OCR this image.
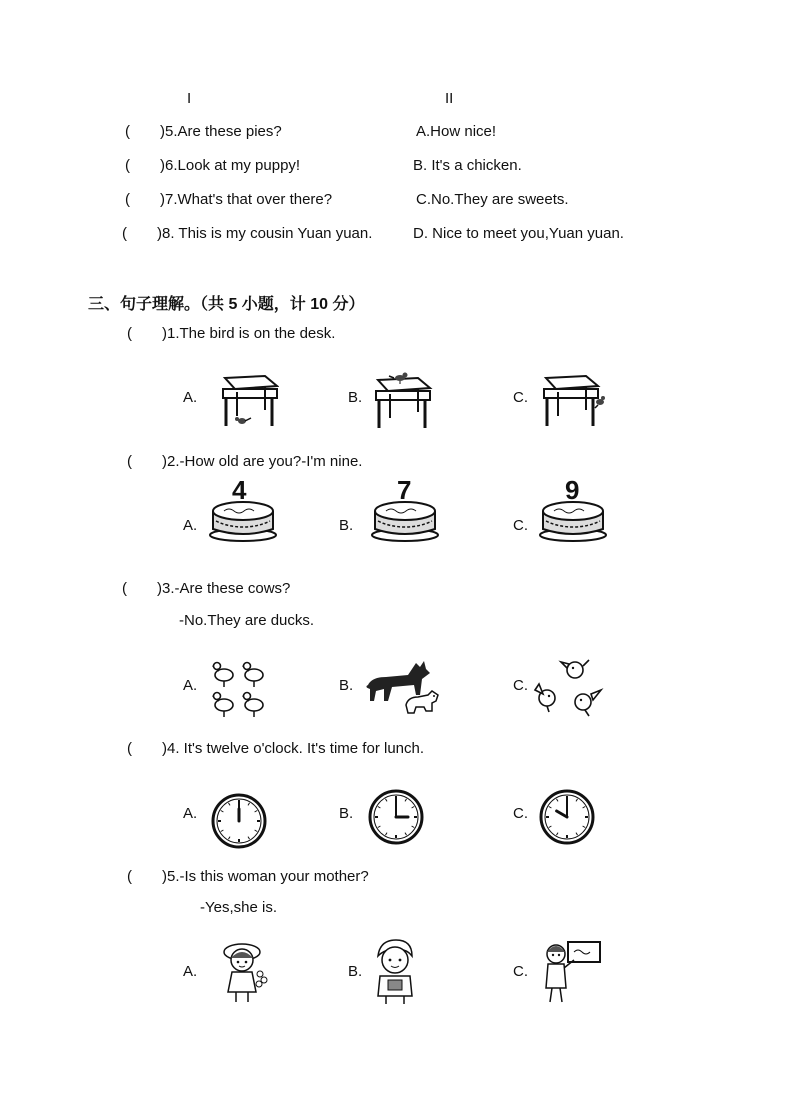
I	II
( )5.Are these pies?	A.How nice!
( )6.Look at my puppy!	B. It's a chicken.
( )7.What's that over there?	C.No.They are sweets.
( )8. This is my cousin Yuan yuan.	D. Nice to meet you,Yuan yuan.
三、句子理解。（共 5 小题，计 10 分）
( )1.The bird is on the desk.
A.	B.	C.
( )2.-How old are you?-I'm nine.
A.	B.	C.
4	7	9
( )3.-Are these cows?
-No.They are ducks.
A.	B.	C.
( )4. It's twelve o'clock. It's time for lunch.
A.	B.	C.
( )5.-Is this woman your mother?
-Yes,she is.
A.	B.	C.
